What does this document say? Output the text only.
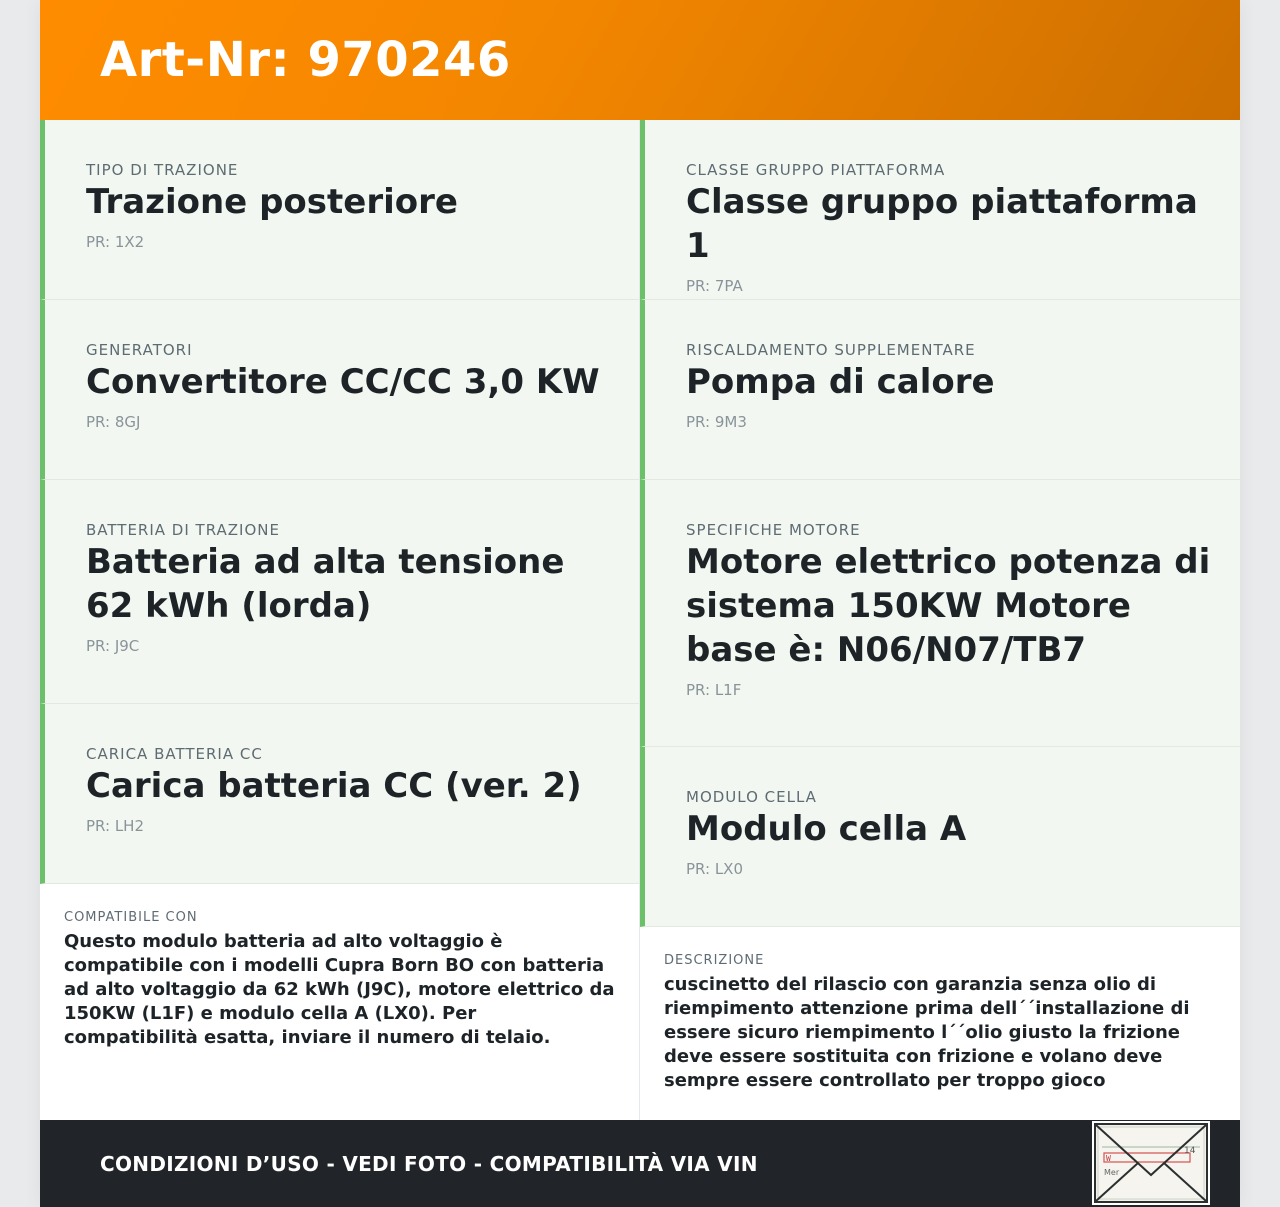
Art-Nr: 970246
TIPO DI TRAZIONE
Trazione posteriore
PR: 1X2
GENERATORI
Convertitore CC/CC 3,0 KW
PR: 8GJ
BATTERIA DI TRAZIONE
Batteria ad alta tensione 62 kWh (lorda)
PR: J9C
CARICA BATTERIA CC
Carica batteria CC (ver. 2)
PR: LH2
COMPATIBILE CON
Questo modulo batteria ad alto voltaggio è compatibile con i modelli Cupra Born BO con batteria ad alto voltaggio da 62 kWh (J9C), motore elettrico da 150KW (L1F) e modulo cella A (LX0). Per compatibilità esatta, inviare il numero di telaio.
CLASSE GRUPPO PIATTAFORMA
Classe gruppo piattaforma 1
PR: 7PA
RISCALDAMENTO SUPPLEMENTARE
Pompa di calore
PR: 9M3
SPECIFICHE MOTORE
Motore elettrico potenza di sistema 150KW Motore base è: N06/N07/TB7
PR: L1F
MODULO CELLA
Modulo cella A
PR: LX0
DESCRIZIONE
cuscinetto del rilascio con garanzia senza olio di riempimento attenzione prima dell´´installazione di essere sicuro riempimento l´´olio giusto la frizione deve essere sostituita con frizione e volano deve sempre essere controllato per troppo gioco
CONDIZIONI D’USO - VEDI FOTO - COMPATIBILITÀ VIA VIN	W
14
Mer
